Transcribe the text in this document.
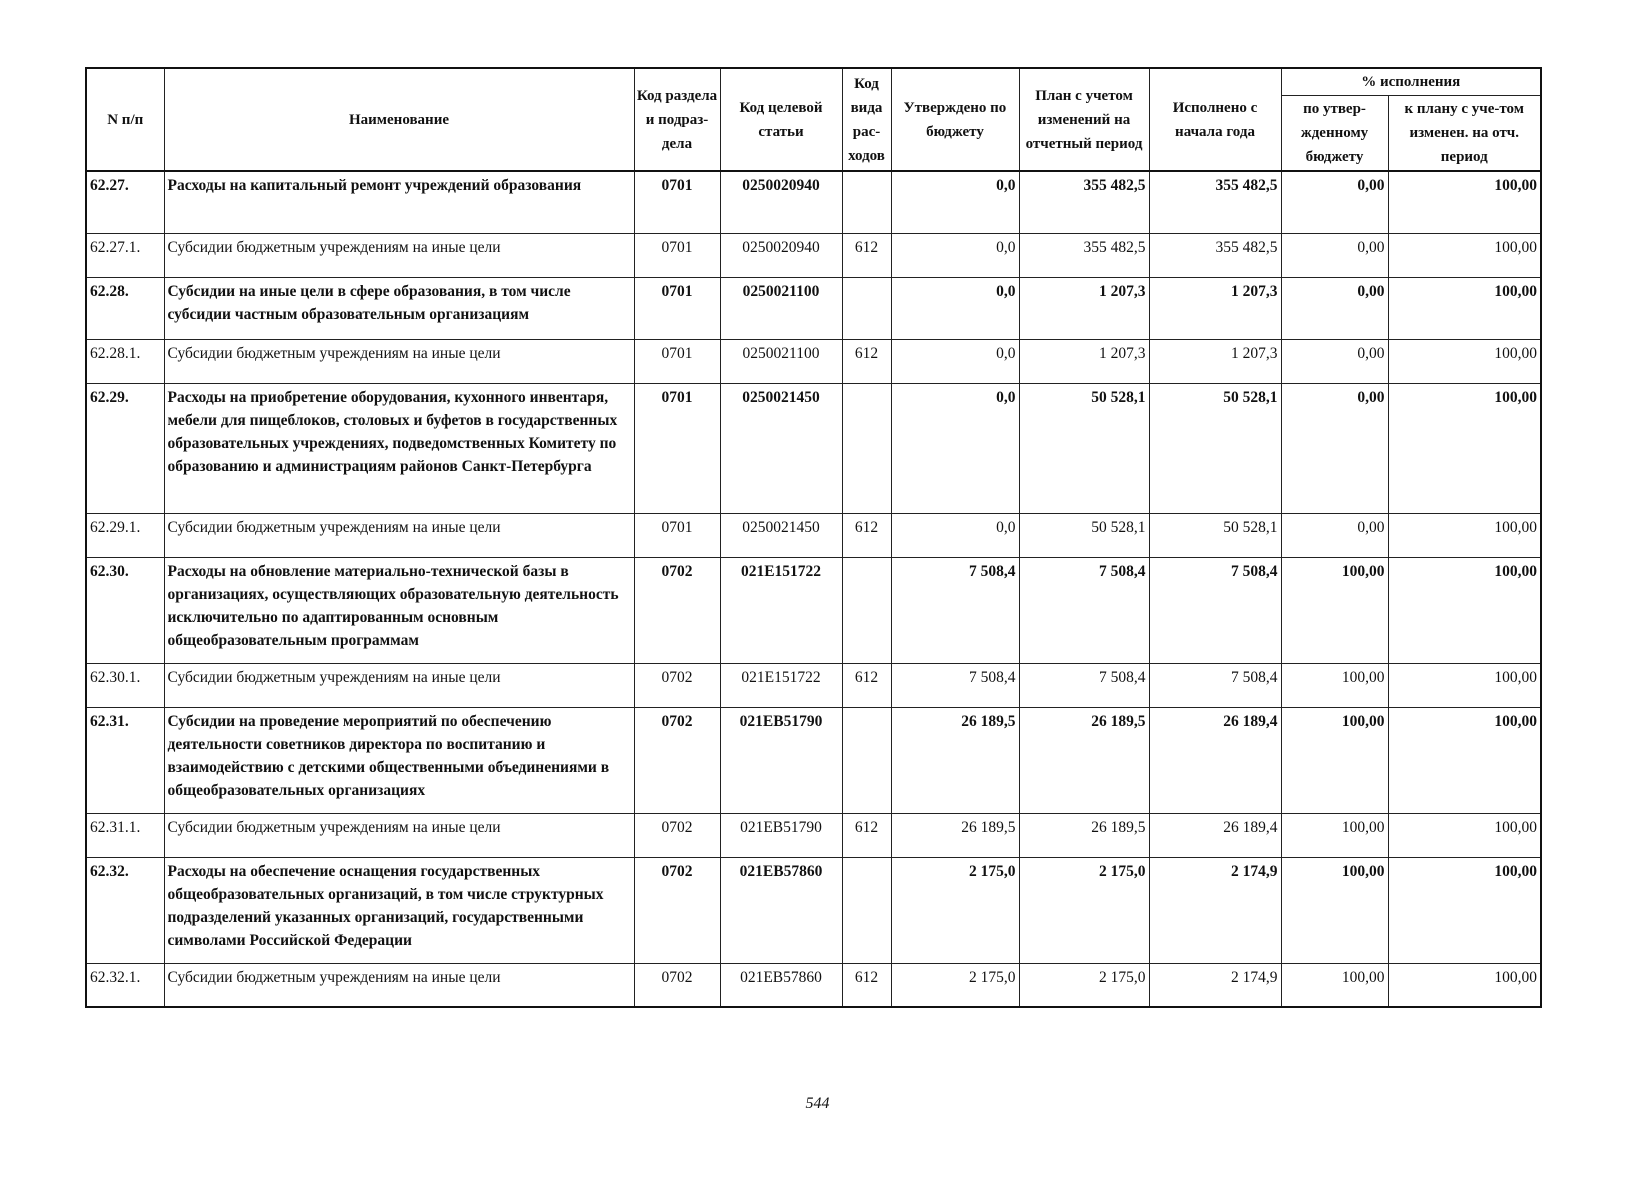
N п/п	Наименование	Код раздела и подраз-дела	Код целевой статьи	Код вида рас-ходов	Утверждено по бюджету	План с учетом изменений на отчетный период	Исполнено с начала года	% исполнения	
								по утвер-жденному бюджету	к плану с уче-том изменен. на отч. период
62.27.	Расходы на капитальный ремонт учреждений образования	0701	0250020940		0,0	355 482,5	355 482,5	0,00	100,00
62.27.1.	Субсидии бюджетным учреждениям на иные цели	0701	0250020940	612	0,0	355 482,5	355 482,5	0,00	100,00
62.28.	Субсидии на иные цели в сфере образования, в том числе субсидии частным образовательным организациям	0701	0250021100		0,0	1 207,3	1 207,3	0,00	100,00
62.28.1.	Субсидии бюджетным учреждениям на иные цели	0701	0250021100	612	0,0	1 207,3	1 207,3	0,00	100,00
62.29.	Расходы на приобретение оборудования, кухонного инвентаря, мебели для пищеблоков, столовых и буфетов в государственных образовательных учреждениях, подведомственных Комитету по образованию и администрациям районов Санкт-Петербурга	0701	0250021450		0,0	50 528,1	50 528,1	0,00	100,00
62.29.1.	Субсидии бюджетным учреждениям на иные цели	0701	0250021450	612	0,0	50 528,1	50 528,1	0,00	100,00
62.30.	Расходы на обновление материально-технической базы в организациях, осуществляющих образовательную деятельность исключительно по адаптированным основным общеобразовательным программам	0702	021E151722		7 508,4	7 508,4	7 508,4	100,00	100,00
62.30.1.	Субсидии бюджетным учреждениям на иные цели	0702	021E151722	612	7 508,4	7 508,4	7 508,4	100,00	100,00
62.31.	Субсидии на проведение мероприятий по обеспечению деятельности советников директора по воспитанию и взаимодействию с детскими общественными объединениями в общеобразовательных организациях	0702	021EB51790		26 189,5	26 189,5	26 189,4	100,00	100,00
62.31.1.	Субсидии бюджетным учреждениям на иные цели	0702	021EB51790	612	26 189,5	26 189,5	26 189,4	100,00	100,00
62.32.	Расходы на обеспечение оснащения государственных общеобразовательных организаций, в том числе структурных подразделений указанных организаций, государственными символами Российской Федерации	0702	021EB57860		2 175,0	2 175,0	2 174,9	100,00	100,00
62.32.1.	Субсидии бюджетным учреждениям на иные цели	0702	021EB57860	612	2 175,0	2 175,0	2 174,9	100,00	100,00
544
